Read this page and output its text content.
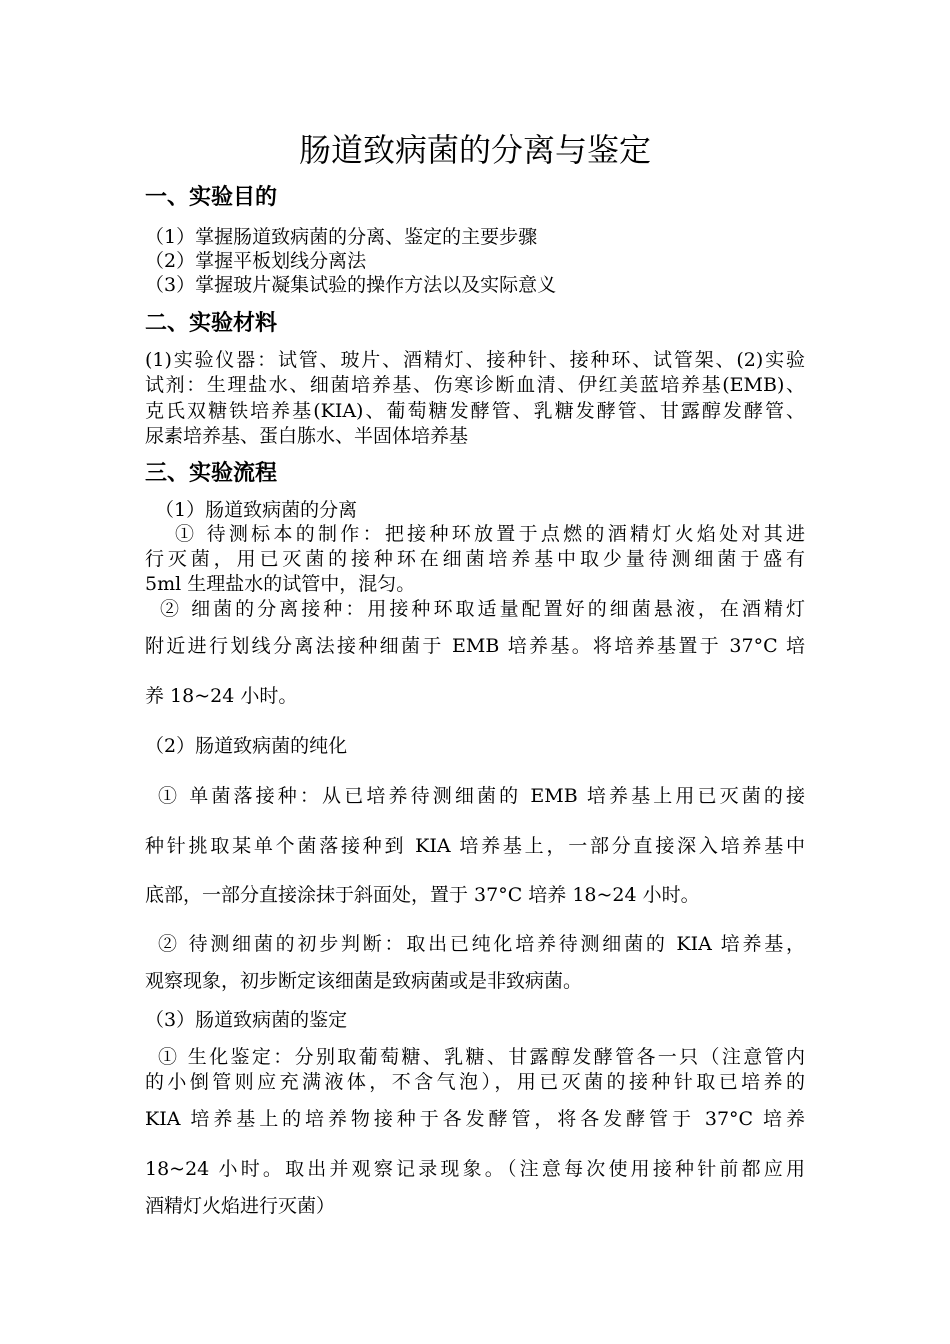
肠道致病菌的分离与鉴定
一、实验目的
（1）掌握肠道致病菌的分离、鉴定的主要步骤
（2）掌握平板划线分离法
（3）掌握玻片凝集试验的操作方法以及实际意义
二、实验材料
(1)实验仪器：试管、玻片、酒精灯、接种针、接种环、试管架、(2)实验
试剂：生理盐水、细菌培养基、伤寒诊断血清、伊红美蓝培养基(EMB)、
克氏双糖铁培养基(KIA)、葡萄糖发酵管、乳糖发酵管、甘露醇发酵管、
尿素培养基、蛋白胨水、半固体培养基
三、实验流程
（1）肠道致病菌的分离
① 待测标本的制作：把接种环放置于点燃的酒精灯火焰处对其进
行灭菌，用已灭菌的接种环在细菌培养基中取少量待测细菌于盛有
5ml 生理盐水的试管中，混匀。
② 细菌的分离接种：用接种环取适量配置好的细菌悬液，在酒精灯
附近进行划线分离法接种细菌于 EMB 培养基。将培养基置于 37°C 培
养 18~24 小时。
（2）肠道致病菌的纯化
① 单菌落接种：从已培养待测细菌的 EMB 培养基上用已灭菌的接
种针挑取某单个菌落接种到 KIA 培养基上，一部分直接深入培养基中
底部，一部分直接涂抹于斜面处，置于 37°C 培养 18~24 小时。
② 待测细菌的初步判断：取出已纯化培养待测细菌的 KIA 培养基，
观察现象，初步断定该细菌是致病菌或是非致病菌。
（3）肠道致病菌的鉴定
① 生化鉴定：分别取葡萄糖、乳糖、甘露醇发酵管各一只（注意管内
的小倒管则应充满液体，不含气泡），用已灭菌的接种针取已培养的
KIA 培养基上的培养物接种于各发酵管，将各发酵管于 37°C 培养
18~24 小时。取出并观察记录现象。（注意每次使用接种针前都应用
酒精灯火焰进行灭菌）
